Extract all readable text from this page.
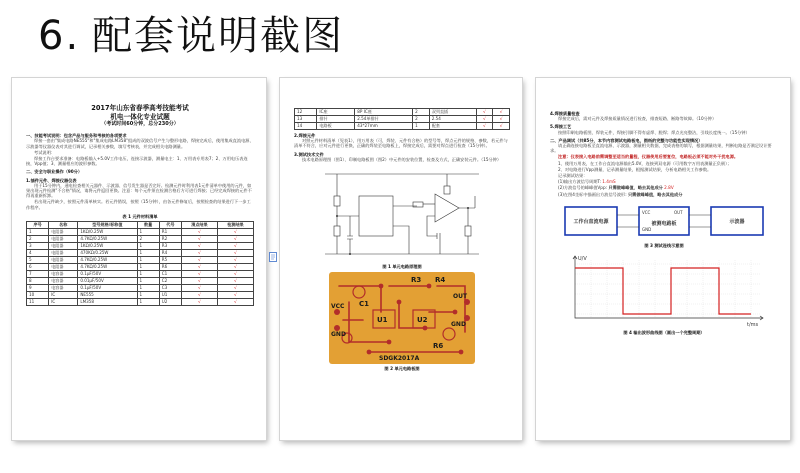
6. 配套说明截图
2017年山东省春季高考技能考试
机电一体化专业试题
（考试时间60分钟，总分230分）
一、技能考试说明：包含产品与服务和考核的各项要求

焊接一套由"集成电路NE555"和"集成电路LM358"组成的双波信号产生与整形电路，焊接完成后，使用集成直流电源、示波器等仪器仪表对其进行调试，记录相关参数，填写考核表，并完成相关电路测量。

考试说明：

焊接工作台要求准备：电路板输入+5.0V工作电压，连接示波器，测量电主：1、万用表专用表7；2、万用电压表连接，Vpp值；3、测量相应的波形参数。

二、安全与职业操作（90分）
1.插件元件、焊接仪器仪表

用于15分钟内，通电检查相关元器件、示波器、信号发生器是否完好。检测元件时利用表1元件清单中使用的元件，如果出现元件检测"不合格"情况，请将元件返回更换。注意：每个元件须在检测合格后方可进行焊接；已经完成焊接的元件不得再重新拆卸。

若出现元件缺少，按照元件清单核实。若元件错误，按照（15分钟），由各元件修复后，按照检查的结果进行下一步工作程序。

表 1 元件材料清单
序号	名称	型号规格/标称值	数量	代号	清点结果	检测结果
1	电阻器	1KΩ/0.25W	1	R1	√	√
2	电阻器	4.7KΩ/0.25W	2	R2	√	√
3	电阻器	1KΩ/0.25W	1	R3	√	√
4	电阻器	470KΩ/0.25W	1	R4	√	√
5	电阻器	4.7KΩ/0.25W	1	R5	√	√
6	电阻器	4.7KΩ/0.25W	1	R6	√	√
7	电容器	0.1μF/50V	1	C1	√	√
8	电容器	0.01μF/50V	1	C2	√	√
9	电容器	0.1μF/50V	1	C3	√	√
10	IC	NE555	1	U1	√	√
11	IC	LM358	1	U2	√	√
12	IC座	8P IC座	2	双列直插	√	√
13	排针	2.54单排针	2	2.54	√	√
14	电路板	43*27mm	1	配套	√	√
2.焊接元件

对照元件材料清单（见表1），用万用表（可，焊装、元件有合格）的型号等，焊点元件的规格、参数，若元件与清单不符合，应对元件进行更换，正确的焊装至电路板上，焊接完成后，需要对焊点进行检查（15分钟）。

3.测试技术文件

技术电路原理图（图1）、印制电路板图（图2）中元件的安装位置，检查及方式，正确安装元件。（15分钟）

图 1 单元电路原理图
R3 R4
C1
U1	U2
VCC
GND
OUT
GND
R6
SDGK2017A
图 2 单元电路板图
4.焊接质量检查

焊接完成后，需对元件及焊接质量情况进行检查，排查短路、断路等故障。（10分钟）

5.焊接工艺

按照印刷电路板图，焊装元件，焊接引脚不得有虚焊、脱焊；焊点光亮整洁，引线长度统一。（15分钟）

二、产品调试（共85分，本节内容测试电路板电，图纸的完整与功能性实现情况）

请正确连接电路板至直流电源、示波器，测量相关数据，完成表格的填写，根据测量结果，判断电路是否满足设计要求。

注意：仪表接入电路前需调整至适当的量程，仪器使用后要复位，电路板必须不能对外干扰电源。

1、使用万用表，在工作台直流电源输出5.0V，连接到双电源（可用数字万用表测量正负极）；

2、对电路进行Vpp测量，记录测量结果，根据测试结果，分析电路相关工作参数。

记录测试结果：

(1)输出方波信号周期T: 1.4mS

(2)方波信号的峰峰值Vpp: 只需做峰峰值，略去其他成分 2.8V

(3)在图4坐标中描画出方波信号波形: 只需做峰峰值，略去其他成分

工作台直流电源	被测电路板	示波器
VCC
GND
OUT
图 3 测试连线示意图
U/V
t/ms
图 4 输出波形曲线图（画出一个完整周期）
